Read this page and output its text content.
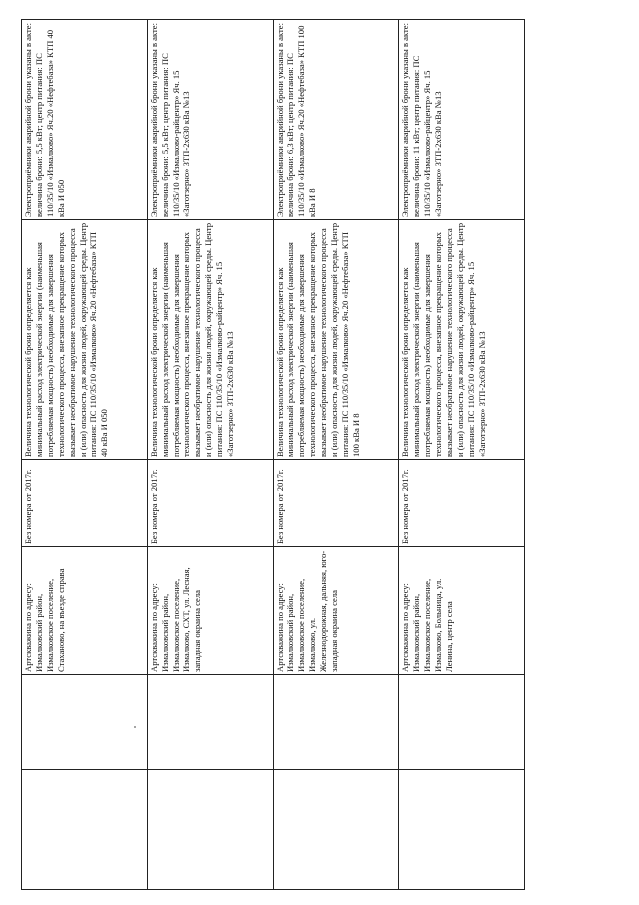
		Артскважина по адресу: Измалковский район, Измалковское поселение, Стаханово, на въезде справа	Без номера от 2017г.	Величина технологической брони определяется как минимальный расход электрической энергии (наименьшая потребляемая мощность) необходимые для завершения технологического процесса, внезапное прекращение которых вызывает необратимое нарушение технологического процесса и (или) опасность для жизни людей, окружающей среды. Центр питания: ПС 110/35/10 «Измалково» Яч.20 «Нефтебаза» КТП 40 кВа И 050	Электроприёмники аварийной брони указаны в акте: величина брони: 5,5 кВт; центр питания: ПС 110/35/10 «Измалково» Яч.20 «Нефтебаза» КТП 40 кВа И 050
		Артскважина по адресу: Измалковский район, Измалковское поселение, Измалково, СХТ, ул. Лесная, западная окраина села	Без номера от 2017г.	Величина технологической брони определяется как минимальный расход электрической энергии (наименьшая потребляемая мощность) необходимые для завершения технологического процесса, внезапное прекращение которых вызывает необратимое нарушение технологического процесса и (или) опасность для жизни людей, окружающей среды. Центр питания: ПС 110/35/10 «Измалково-райцентр» Яч. 15 «Заготзерно» ЗТП-2х630 кВа №13	Электроприёмники аварийной брони указаны в акте: величина брони: 5,5 кВт; центр питания: ПС 110/35/10 «Измалково-райцентр» Яч. 15 «Заготзерно» ЗТП-2х630 кВа №13
		Артскважина по адресу: Измалковский район, Измалковское поселение, Измалково, ул. Железнодорожная, дальняя, юго-западная окраина села	Без номера от 2017г.	Величина технологической брони определяется как минимальный расход электрической энергии (наименьшая потребляемая мощность) необходимые для завершения технологического процесса, внезапное прекращение которых вызывает необратимое нарушение технологического процесса и (или) опасность для жизни людей, окружающей среды. Центр питания: ПС 110/35/10 «Измалково» Яч.20 «Нефтебаза» КТП 100 кВа И 8	Электроприёмники аварийной брони указаны в акте: величина брони: 6,3 кВт; центр питания: ПС 110/35/10 «Измалково» Яч.20 «Нефтебаза» КТП 100 кВа И 8
		Артскважина по адресу: Измалковский район, Измалковское поселение, Измалково, Больница, ул. Ленина, центр села	Без номера от 2017г.	Величина технологической брони определяется как минимальный расход электрической энергии (наименьшая потребляемая мощность) необходимые для завершения технологического процесса, внезапное прекращение которых вызывает необратимое нарушение технологического процесса и (или) опасность для жизни людей, окружающей среды. Центр питания: ПС 110/35/10 «Измалково-райцентр» Яч. 15 «Заготзерно» ЗТП-2х630 кВа №13	Электроприёмники аварийной брони указаны в акте: величина брони: 11 кВт; центр питания: ПС 110/35/10 «Измалково-райцентр» Яч. 15 «Заготзерно» ЗТП-2х630 кВа №13
